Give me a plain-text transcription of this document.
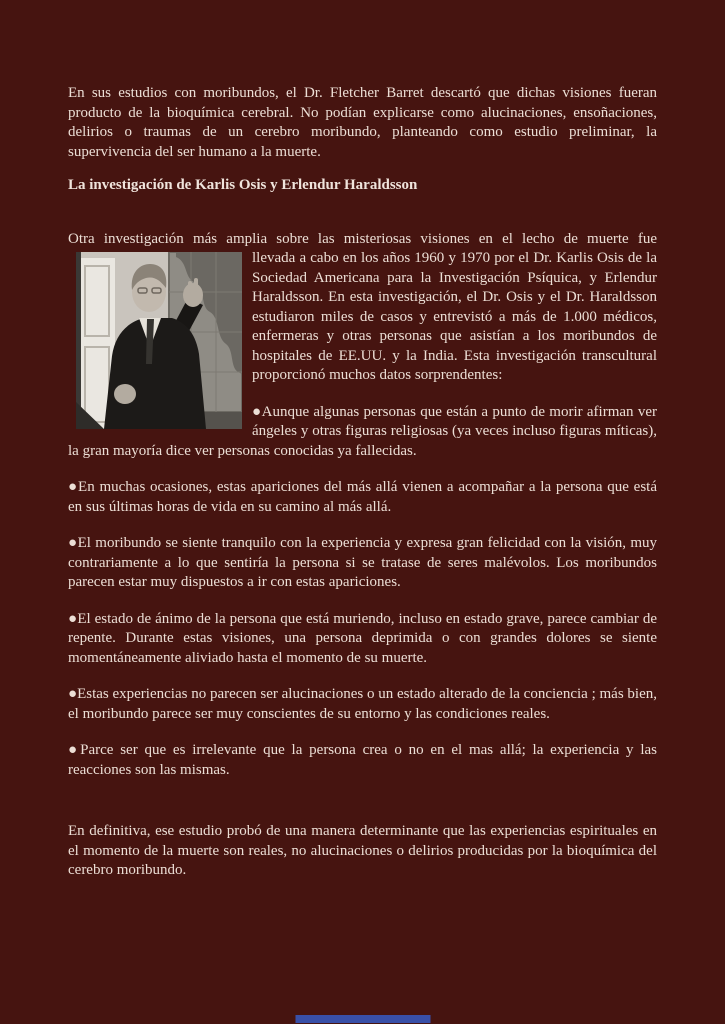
En sus estudios con moribundos, el Dr. Fletcher Barret descartó que dichas visiones fueran producto de la bioquímica cerebral. No podían explicarse como alucinaciones, ensoñaciones, delirios o traumas de un cerebro moribundo, planteando como estudio preliminar, la supervivencia del ser humano a la muerte.

La investigación de Karlis Osis y Erlendur Haraldsson

Otra investigación más amplia sobre las misteriosas visiones en el lecho de muerte fue

llevada a cabo en los años 1960 y 1970 por el Dr. Karlis Osis de la Sociedad Americana para la Investigación Psíquica, y Erlendur Haraldsson. En esta investigación, el Dr. Osis y el Dr. Haraldsson estudiaron miles de casos y entrevistó a más de 1.000 médicos, enfermeras y otras personas que asistían a los moribundos de hospitales de EE.UU. y la India. Esta investigación transcultural proporcionó muchos datos sorprendentes:

●Aunque algunas personas que están a punto de morir afirman ver ángeles y otras figuras religiosas (ya veces incluso figuras míticas), la gran mayoría dice ver personas conocidas ya fallecidas.

●En muchas ocasiones, estas apariciones del más allá vienen a acompañar a la persona que está en sus últimas horas de vida en su camino al más allá.

●El moribundo se siente tranquilo con la experiencia y expresa gran felicidad con la visión, muy contrariamente a lo que sentiría la persona si se tratase de seres malévolos. Los moribundos parecen estar muy dispuestos a ir con estas apariciones.

●El estado de ánimo de la persona que está muriendo, incluso en estado grave, parece cambiar de repente. Durante estas visiones, una persona deprimida o con grandes dolores se siente momentáneamente aliviado hasta el momento de su muerte.

●Estas experiencias no parecen ser alucinaciones o un estado alterado de la conciencia ; más bien, el moribundo parece ser muy conscientes de su entorno y las condiciones reales.

●Parce ser que es irrelevante que la persona crea o no en el mas allá; la experiencia y las reacciones son las mismas.

En definitiva, ese estudio probó de una manera determinante que las experiencias espirituales en el momento de la muerte son reales, no alucinaciones o delirios producidas por la bioquímica del cerebro moribundo.
